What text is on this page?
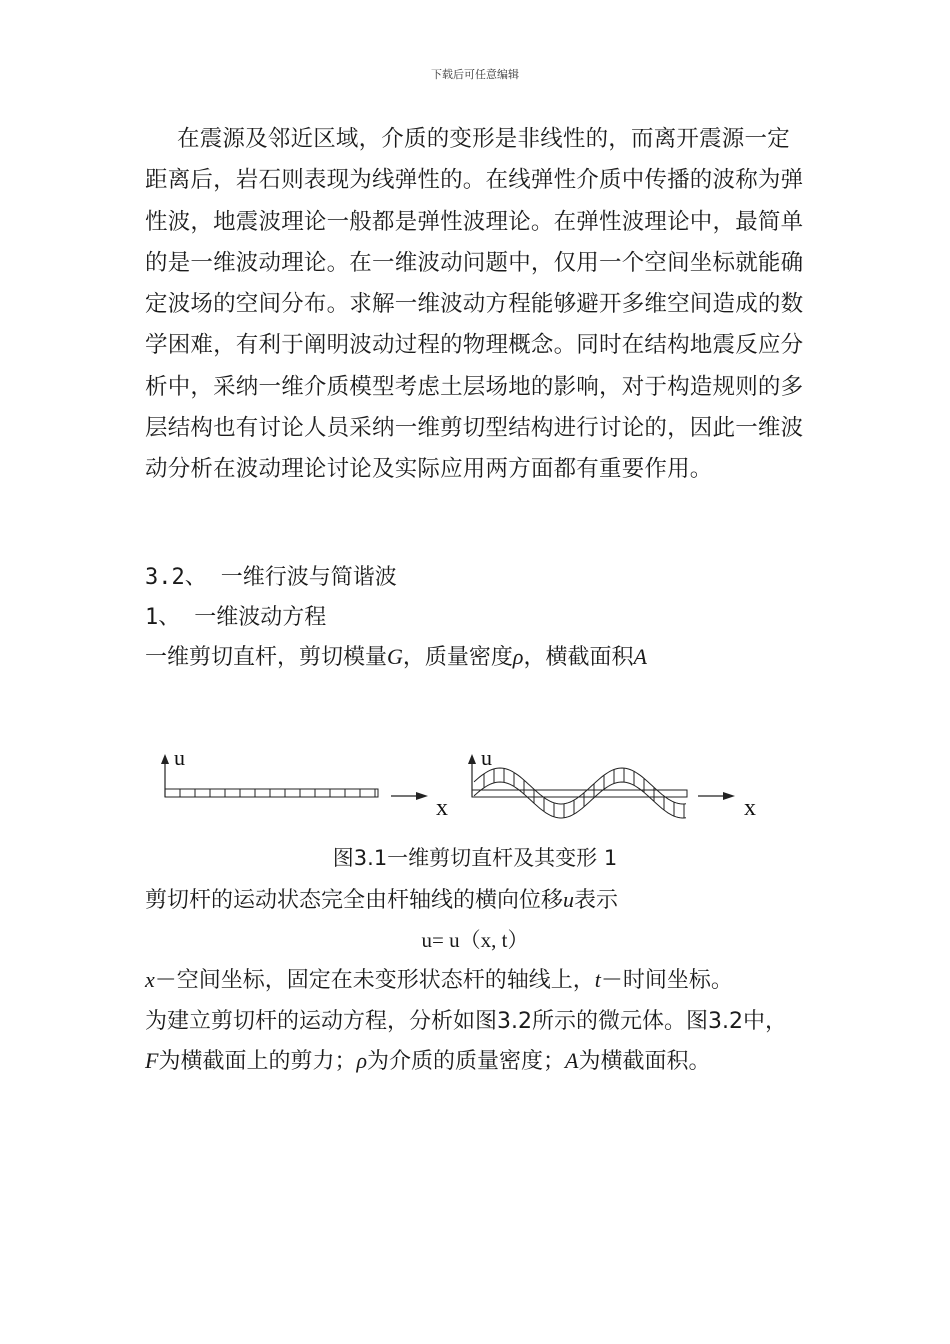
下载后可任意编辑

在震源及邻近区域，介质的变形是非线性的，而离开震源一定距离后，岩石则表现为线弹性的。在线弹性介质中传播的波称为弹性波，地震波理论一般都是弹性波理论。在弹性波理论中，最简单的是一维波动理论。在一维波动问题中，仅用一个空间坐标就能确定波场的空间分布。求解一维波动方程能够避开多维空间造成的数学困难，有利于阐明波动过程的物理概念。同时在结构地震反应分析中，采纳一维介质模型考虑土层场地的影响，对于构造规则的多层结构也有讨论人员采纳一维剪切型结构进行讨论的，因此一维波动分析在波动理论讨论及实际应用两方面都有重要作用。

3.2、 一维行波与简谐波
1、 一维波动方程
一维剪切直杆，剪切模量G，质量密度ρ，横截面积A
u
x
u
x
图3.1一维剪切直杆及其变形 1
剪切杆的运动状态完全由杆轴线的横向位移u表示
u= u（x, t）
x－空间坐标，固定在未变形状态杆的轴线上，t－时间坐标。
为建立剪切杆的运动方程，分析如图3.2所示的微元体。图3.2中，
F为横截面上的剪力；ρ为介质的质量密度；A为横截面积。
